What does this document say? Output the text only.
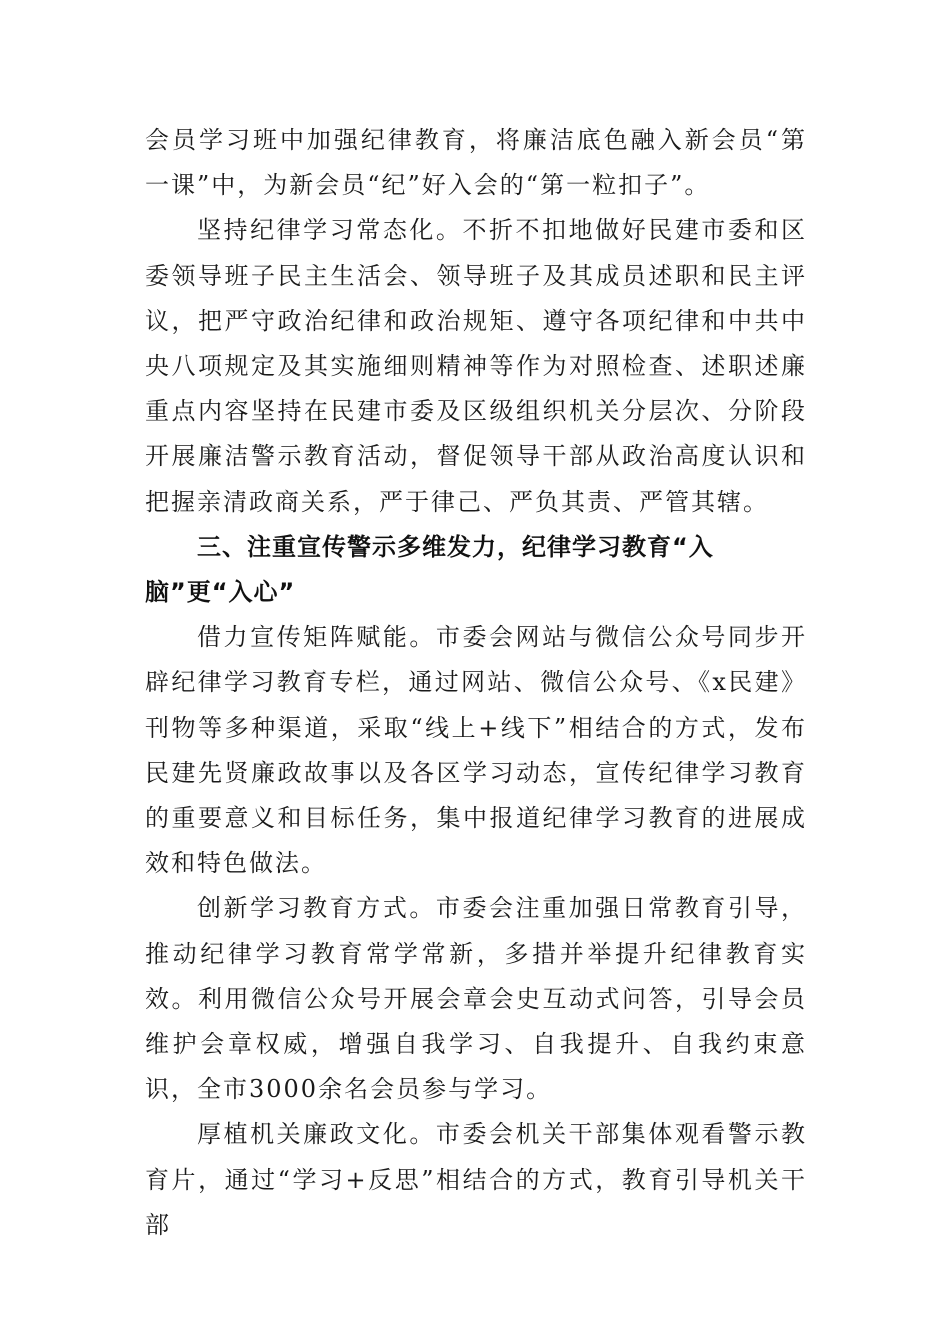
会员学习班中加强纪律教育，将廉洁底色融入新会员“第一课”中，为新会员“纪”好入会的“第一粒扣子”。

坚持纪律学习常态化。不折不扣地做好民建市委和区委领导班子民主生活会、领导班子及其成员述职和民主评议，把严守政治纪律和政治规矩、遵守各项纪律和中共中央八项规定及其实施细则精神等作为对照检查、述职述廉重点内容坚持在民建市委及区级组织机关分层次、分阶段开展廉洁警示教育活动，督促领导干部从政治高度认识和把握亲清政商关系，严于律己、严负其责、严管其辖。

三、注重宣传警示多维发力，纪律学习教育“入脑”更“入心”

借力宣传矩阵赋能。市委会网站与微信公众号同步开辟纪律学习教育专栏，通过网站、微信公众号、《x民建》刊物等多种渠道，采取“线上+线下”相结合的方式，发布民建先贤廉政故事以及各区学习动态，宣传纪律学习教育的重要意义和目标任务，集中报道纪律学习教育的进展成效和特色做法。

创新学习教育方式。市委会注重加强日常教育引导，推动纪律学习教育常学常新，多措并举提升纪律教育实效。利用微信公众号开展会章会史互动式问答，引导会员维护会章权威，增强自我学习、自我提升、自我约束意识，全市3000余名会员参与学习。

厚植机关廉政文化。市委会机关干部集体观看警示教育片，通过“学习+反思”相结合的方式，教育引导机关干部
